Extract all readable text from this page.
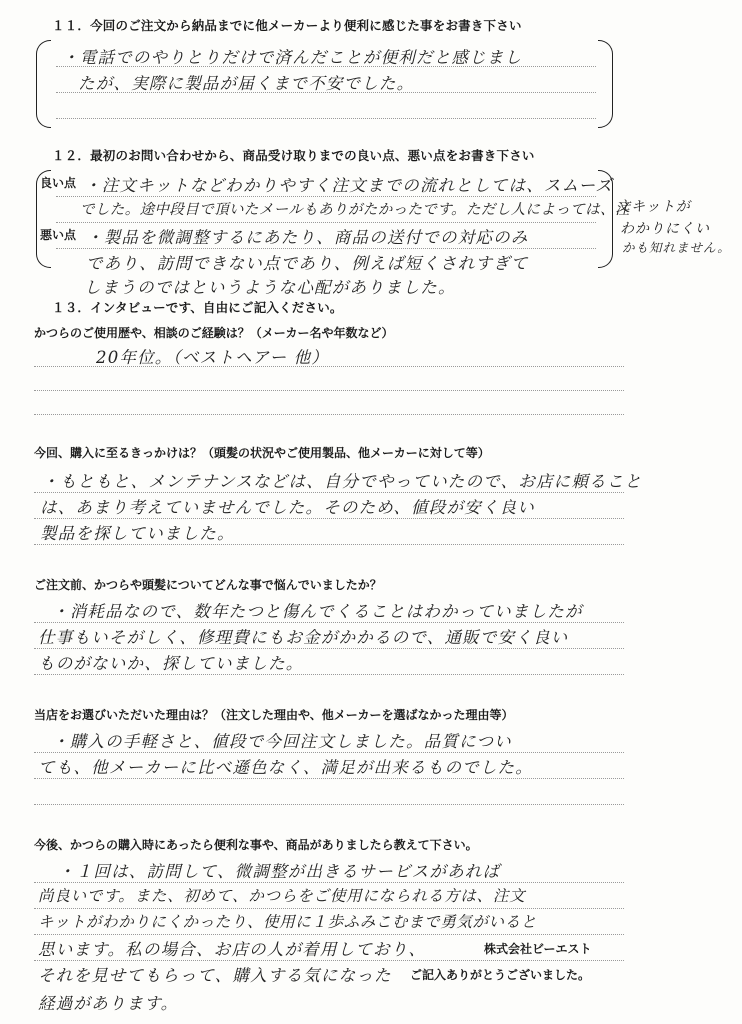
１１．今回のご注文から納品までに他メーカーより便利に感じた事をお書き下さい
・電話でのやりとりだけで済んだことが便利だと感じまし
たが、実際に製品が届くまで不安でした。
１２．最初のお問い合わせから、商品受け取りまでの良い点、悪い点をお書き下さい
良い点
悪い点
・注文キットなどわかりやすく注文までの流れとしては、スムーズ
でした。途中段目で頂いたメールもありがたかったです。ただし人によっては、注
・製品を微調整するにあたり、商品の送付での対応のみ
であり、訪問できない点であり、例えば短くされすぎて
しまうのではというような心配がありました。
文キットが
わかりにくい
かも知れません。
１３．インタビューです、自由にご記入ください。
かつらのご使用歴や、相談のご経験は？（メーカー名や年数など）
20年位。（ベストヘアー 他）
今回、購入に至るきっかけは？（頭髪の状況やご使用製品、他メーカーに対して等）
・もともと、メンテナンスなどは、自分でやっていたので、お店に頼ること
は、あまり考えていませんでした。そのため、値段が安く良い
製品を探していました。
ご注文前、かつらや頭髪についてどんな事で悩んでいましたか？
・消耗品なので、数年たつと傷んでくることはわかっていましたが
仕事もいそがしく、修理費にもお金がかかるので、通販で安く良い
ものがないか、探していました。
当店をお選びいただいた理由は？（注文した理由や、他メーカーを選ばなかった理由等）
・購入の手軽さと、値段で今回注文しました。品質につい
ても、他メーカーに比べ遜色なく、満足が出来るものでした。
今後、かつらの購入時にあったら便利な事や、商品がありましたら教えて下さい。
・１回は、訪問して、微調整が出きるサービスがあれば
尚良いです。また、初めて、かつらをご使用になられる方は、注文
キットがわかりにくかったり、使用に１歩ふみこむまで勇気がいると
思います。私の場合、お店の人が着用しており、
それを見せてもらって、購入する気になった
経過があります。
株式会社ビーエスト
ご記入ありがとうございました。
